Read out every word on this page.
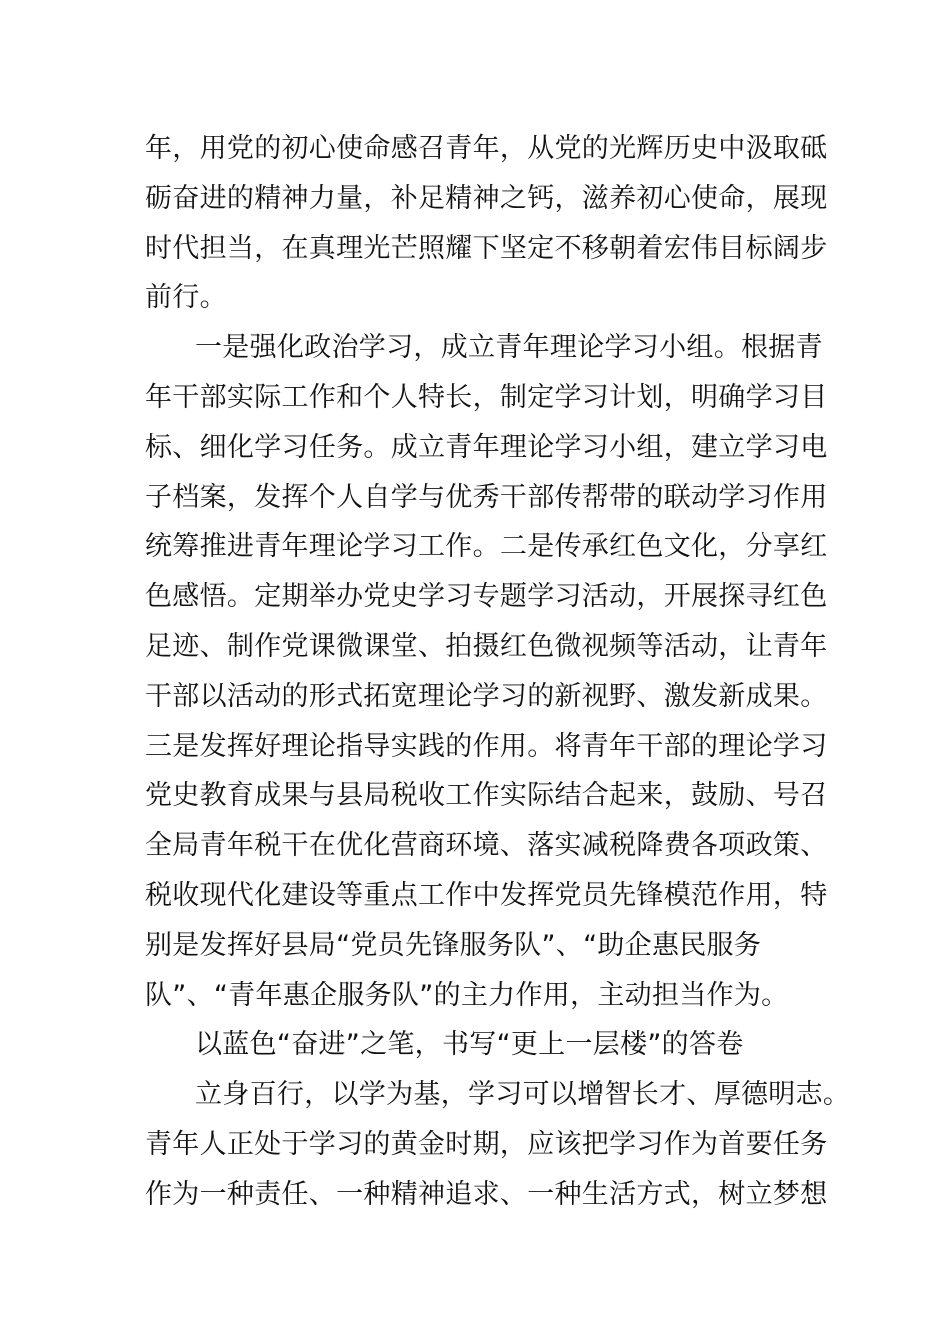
年，用党的初心使命感召青年，从党的光辉历史中汲取砥
砺奋进的精神力量，补足精神之钙，滋养初心使命，展现
时代担当，在真理光芒照耀下坚定不移朝着宏伟目标阔步
前行。
一是强化政治学习，成立青年理论学习小组。根据青
年干部实际工作和个人特长，制定学习计划，明确学习目
标、细化学习任务。成立青年理论学习小组，建立学习电
子档案，发挥个人自学与优秀干部传帮带的联动学习作用
统筹推进青年理论学习工作。二是传承红色文化，分享红
色感悟。定期举办党史学习专题学习活动，开展探寻红色
足迹、制作党课微课堂、拍摄红色微视频等活动，让青年
干部以活动的形式拓宽理论学习的新视野、激发新成果。
三是发挥好理论指导实践的作用。将青年干部的理论学习
党史教育成果与县局税收工作实际结合起来，鼓励、号召
全局青年税干在优化营商环境、落实减税降费各项政策、
税收现代化建设等重点工作中发挥党员先锋模范作用，特
别是发挥好县局“党员先锋服务队”、“助企惠民服务
队”、“青年惠企服务队”的主力作用，主动担当作为。
以蓝色“奋进”之笔，书写“更上一层楼”的答卷
立身百行，以学为基，学习可以增智长才、厚德明志。
青年人正处于学习的黄金时期，应该把学习作为首要任务
作为一种责任、一种精神追求、一种生活方式，树立梦想
